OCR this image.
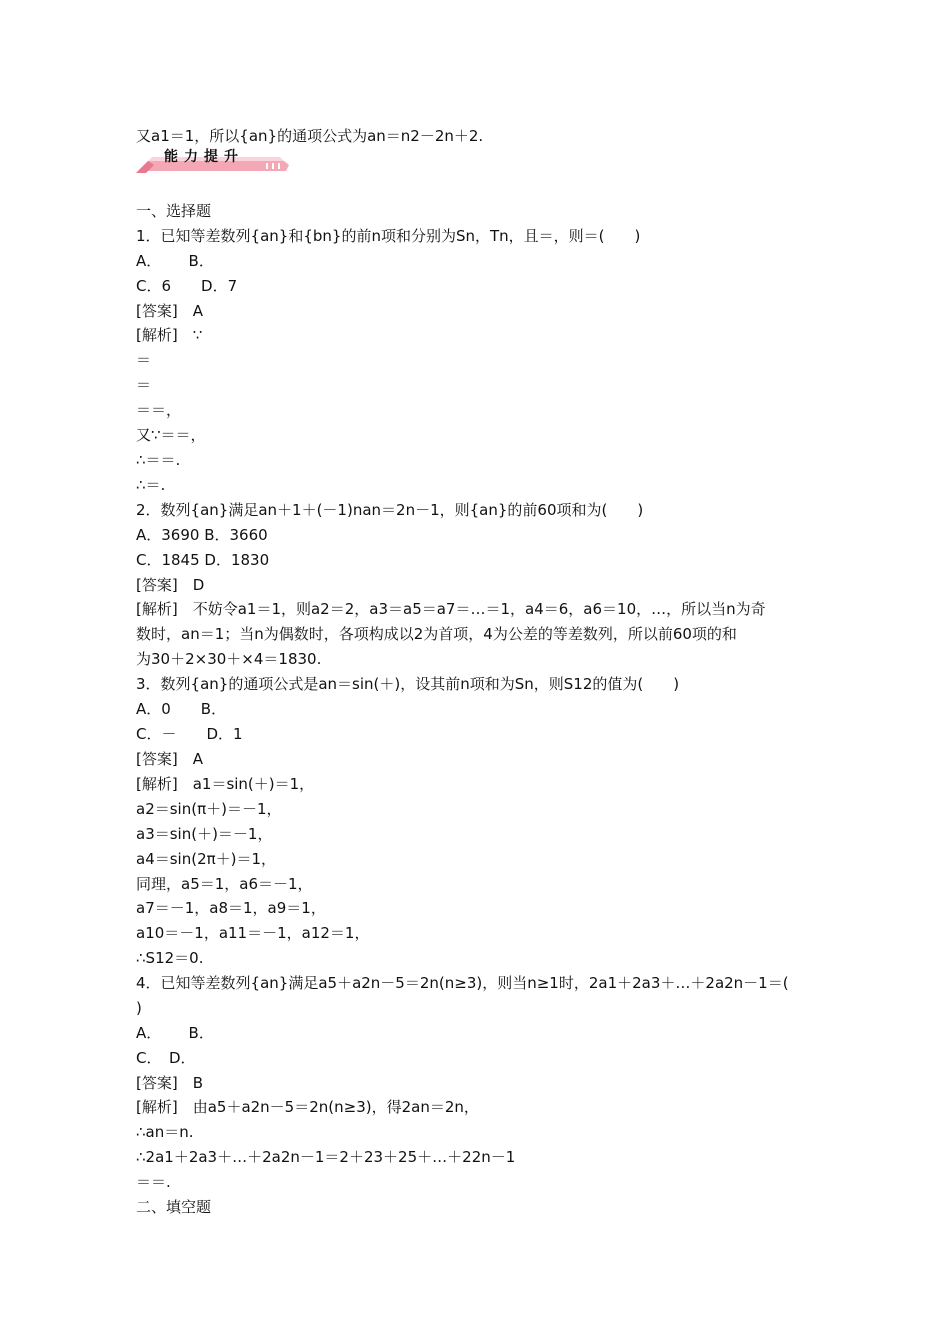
又a1＝1，所以{an}的通项公式为an＝n2－2n＋2.
能力提升
一、选择题
1．已知等差数列{an}和{bn}的前n项和分别为Sn，Tn，且＝，则＝(　　)
A．　　 B．
C．6　　D．7
[答案]　A
[解析]　∵
＝
＝
＝＝，
又∵＝＝，
∴＝＝.
∴＝.
2．数列{an}满足an＋1＋(－1)nan＝2n－1，则{an}的前60项和为(　　)
A．3690 B．3660
C．1845 D．1830
[答案]　D
[解析]　不妨令a1＝1，则a2＝2，a3＝a5＝a7＝…＝1，a4＝6，a6＝10，…，所以当n为奇
数时，an＝1；当n为偶数时，各项构成以2为首项，4为公差的等差数列，所以前60项的和
为30＋2×30＋×4＝1830.
3．数列{an}的通项公式是an＝sin(＋)，设其前n项和为Sn，则S12的值为(　　)
A．0　　B．
C．－　　D．1
[答案]　A
[解析]　a1＝sin(＋)＝1，
a2＝sin(π＋)＝－1，
a3＝sin(＋)＝－1，
a4＝sin(2π＋)＝1，
同理，a5＝1，a6＝－1，
a7＝－1，a8＝1，a9＝1，
a10＝－1，a11＝－1，a12＝1，
∴S12＝0.
4．已知等差数列{an}满足a5＋a2n－5＝2n(n≥3)，则当n≥1时，2a1＋2a3＋…＋2a2n－1＝(
)
A．　　 B．
C．　D．
[答案]　B
[解析]　由a5＋a2n－5＝2n(n≥3)，得2an＝2n，
∴an＝n.
∴2a1＋2a3＋…＋2a2n－1＝2＋23＋25＋…＋22n－1
＝＝.
二、填空题
